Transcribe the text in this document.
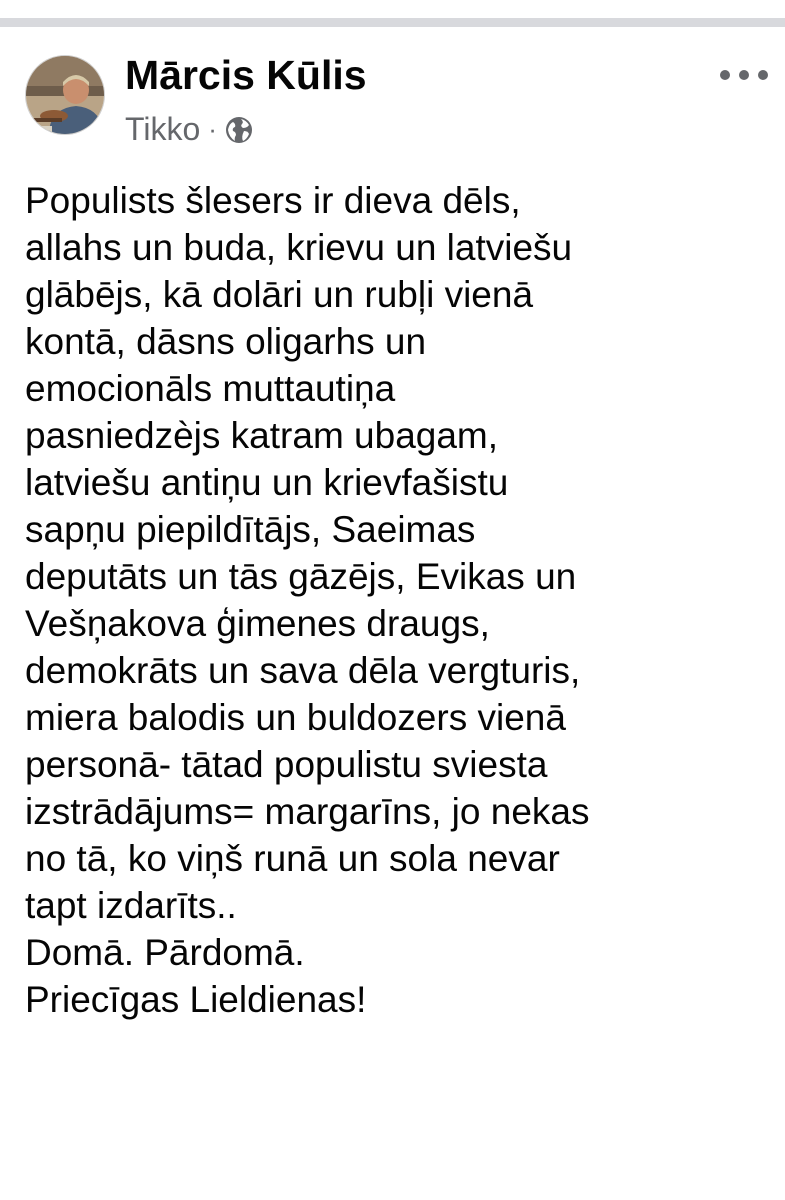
Mārcis Kūlis
Tikko ·

Populists šlesers ir dieva dēls,

allahs un buda, krievu un latviešu

glābējs, kā dolāri un rubļi vienā

kontā, dāsns oligarhs un

emocionāls muttautiņa

pasniedzèjs katram ubagam,

latviešu antiņu un krievfašistu

sapņu piepildītājs, Saeimas

deputāts un tās gāzējs, Evikas un

Vešņakova ģimenes draugs,

demokrāts un sava dēla vergturis,

miera balodis un buldozers vienā

personā- tātad populistu sviesta

izstrādājums= margarīns, jo nekas

no tā, ko viņš runā un sola nevar

tapt izdarīts..

Domā. Pārdomā.

Priecīgas Lieldienas!
